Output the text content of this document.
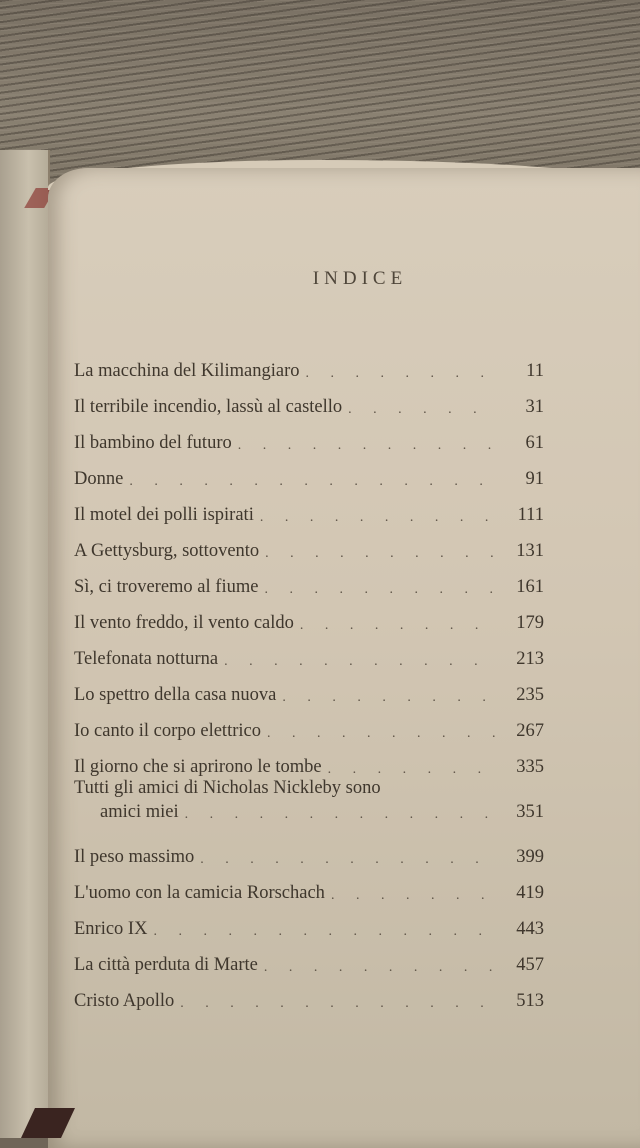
INDICE
La macchina del Kilimangiaro . . .	11
Il terribile incendio, lassù al castello . . .	31
Il bambino del futuro . . .	61
Donne . . .	91
Il motel dei polli ispirati . . .	111
A Gettysburg, sottovento . . .	131
Sì, ci troveremo al fiume . . .	161
Il vento freddo, il vento caldo . . .	179
Telefonata notturna . . .	213
Lo spettro della casa nuova . . .	235
Io canto il corpo elettrico . . .	267
Il giorno che si aprirono le tombe . . .	335
Tutti gli amici di Nicholas Nickleby sono
amici miei . . .	351
Il peso massimo . . .	399
L'uomo con la camicia Rorschach . . .	419
Enrico IX . . .	443
La città perduta di Marte . . .	457
Cristo Apollo . . .	513
